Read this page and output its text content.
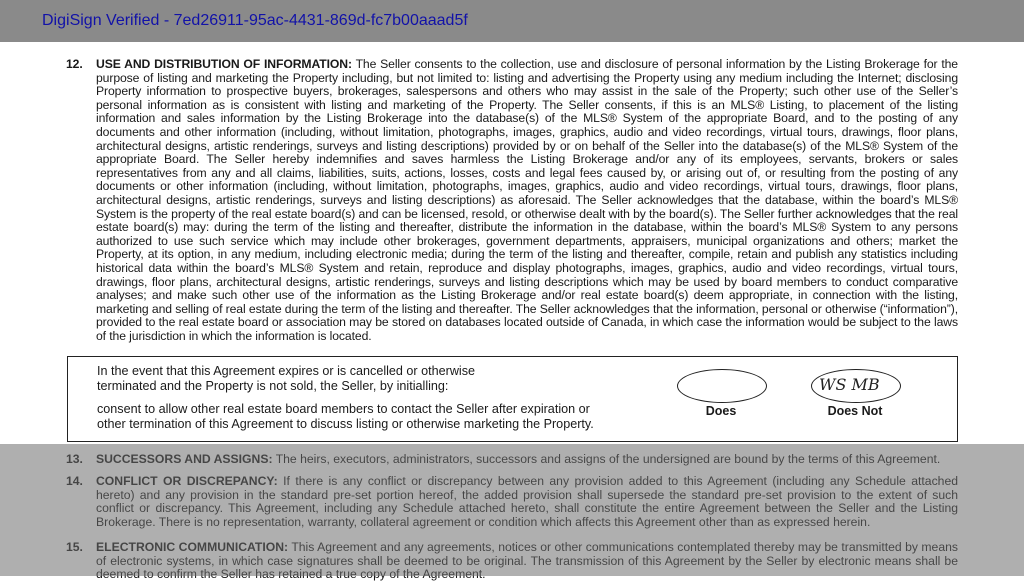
DigiSign Verified - 7ed26911-95ac-4431-869d-fc7b00aaad5f
12. USE AND DISTRIBUTION OF INFORMATION: The Seller consents to the collection, use and disclosure of personal information by the Listing Brokerage for the purpose of listing and marketing the Property including, but not limited to: listing and advertising the Property using any medium including the Internet; disclosing Property information to prospective buyers, brokerages, salespersons and others who may assist in the sale of the Property; such other use of the Seller’s personal information as is consistent with listing and marketing of the Property. The Seller consents, if this is an MLS® Listing, to placement of the listing information and sales information by the Listing Brokerage into the database(s) of the MLS® System of the appropriate Board, and to the posting of any documents and other information (including, without limitation, photographs, images, graphics, audio and video recordings, virtual tours, drawings, floor plans, architectural designs, artistic renderings, surveys and listing descriptions) provided by or on behalf of the Seller into the database(s) of the MLS® System of the appropriate Board. The Seller hereby indemnifies and saves harmless the Listing Brokerage and/or any of its employees, servants, brokers or sales representatives from any and all claims, liabilities, suits, actions, losses, costs and legal fees caused by, or arising out of, or resulting from the posting of any documents or other information (including, without limitation, photographs, images, graphics, audio and video recordings, virtual tours, drawings, floor plans, architectural designs, artistic renderings, surveys and listing descriptions) as aforesaid. The Seller acknowledges that the database, within the board’s MLS® System is the property of the real estate board(s) and can be licensed, resold, or otherwise dealt with by the board(s). The Seller further acknowledges that the real estate board(s) may: during the term of the listing and thereafter, distribute the information in the database, within the board’s MLS® System to any persons authorized to use such service which may include other brokerages, government departments, appraisers, municipal organizations and others; market the Property, at its option, in any medium, including electronic media; during the term of the listing and thereafter, compile, retain and publish any statistics including historical data within the board’s MLS® System and retain, reproduce and display photographs, images, graphics, audio and video recordings, virtual tours, drawings, floor plans, architectural designs, artistic renderings, surveys and listing descriptions which may be used by board members to conduct comparative analyses; and make such other use of the information as the Listing Brokerage and/or real estate board(s) deem appropriate, in connection with the listing, marketing and selling of real estate during the term of the listing and thereafter. The Seller acknowledges that the information, personal or otherwise (“information”), provided to the real estate board or association may be stored on databases located outside of Canada, in which case the information would be subject to the laws of the jurisdiction in which the information is located.
In the event that this Agreement expires or is cancelled or otherwise
terminated and the Property is not sold, the Seller, by initialling:
consent to allow other real estate board members to contact the Seller after expiration or
other termination of this Agreement to discuss listing or otherwise marketing the Property.
Does
WS MB
Does Not
